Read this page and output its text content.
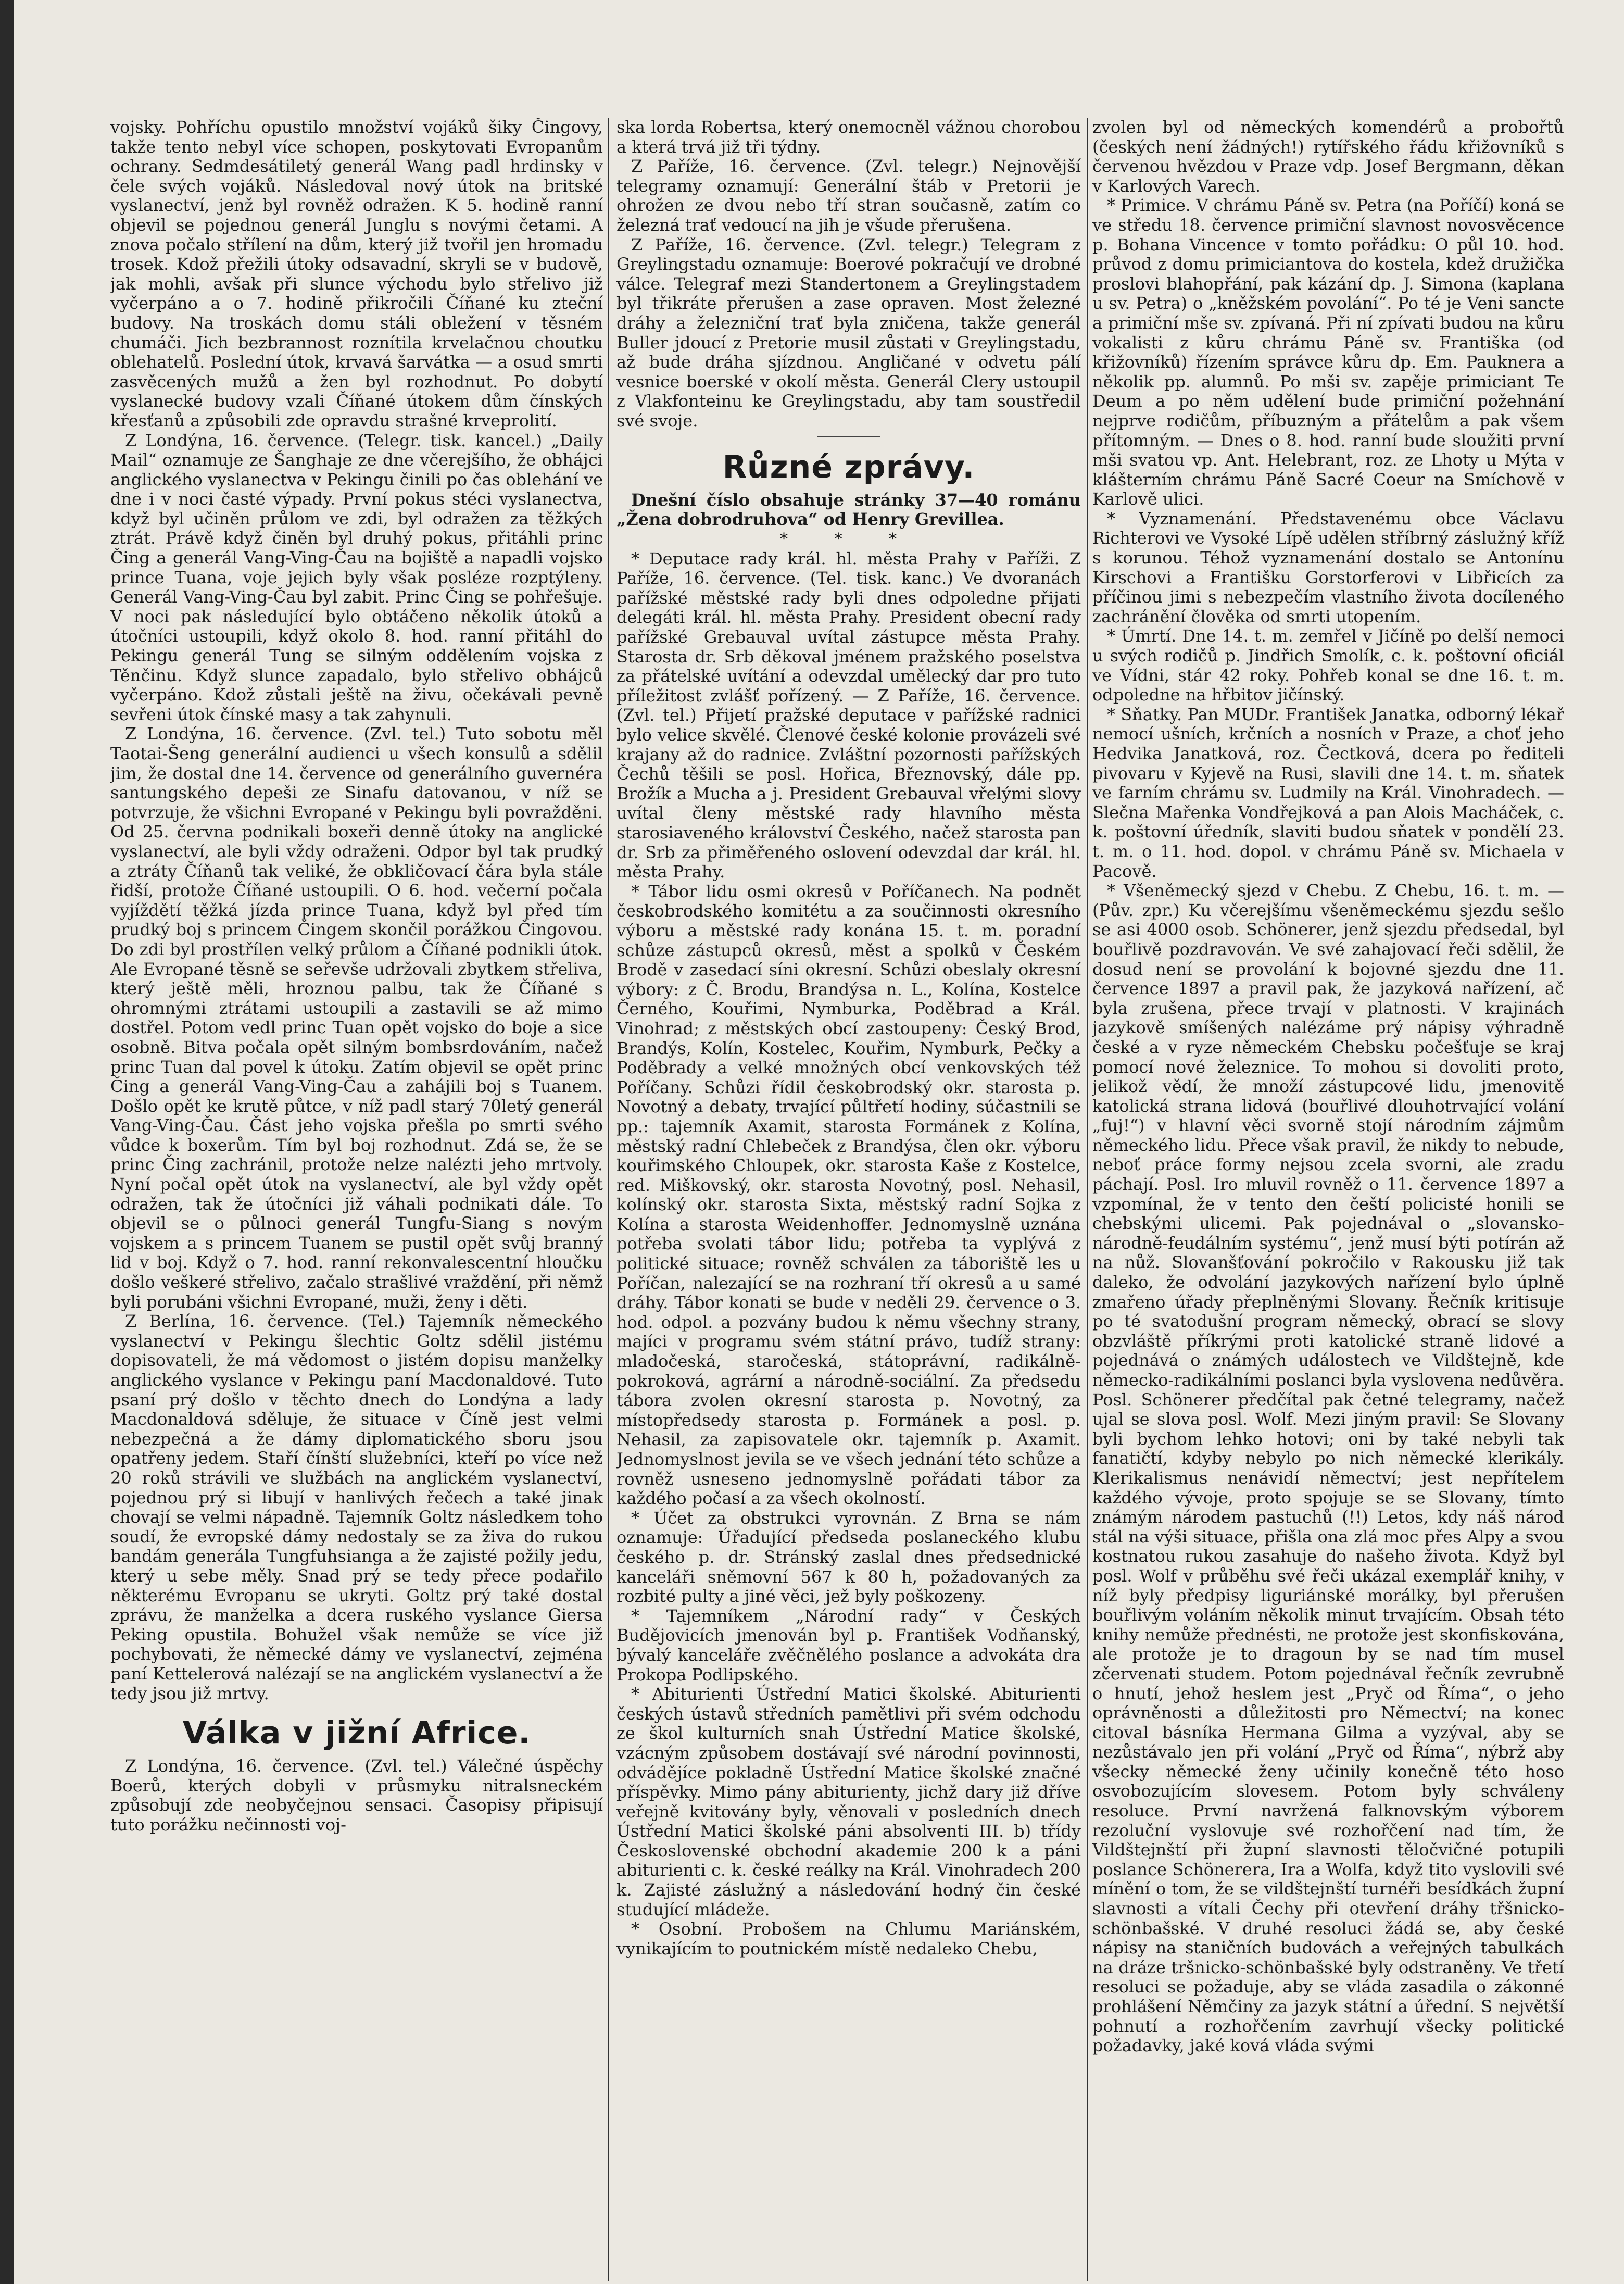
vojsky. Pohříchu opustilo množství vojáků šiky Čingovy, takže tento nebyl více schopen, poskytovati Evropanům ochrany. Sedmdesátiletý generál Wang padl hrdinsky v čele svých vojáků. Následoval nový útok na britské vyslanectví, jenž byl rovněž odražen. K 5. hodině ranní objevil se pojednou generál Junglu s novými četami. A znova počalo střílení na dům, který již tvořil jen hromadu trosek. Kdož přežili útoky odsavadní, skryli se v budově, jak mohli, avšak při slunce východu bylo střelivo již vyčerpáno a o 7. hodině přikročili Číňané ku zteční budovy. Na troskách domu stáli obležení v těsném chumáči. Jich bezbrannost roznítila krvelačnou choutku oblehatelů. Poslední útok, krvavá šarvátka — a osud smrti zasvěcených mužů a žen byl rozhodnut. Po dobytí vyslanecké budovy vzali Číňané útokem dům čínských křesťanů a způsobili zde opravdu strašné krveprolití.

Z Londýna, 16. července. (Telegr. tisk. kancel.) „Daily Mail“ oznamuje ze Šanghaje ze dne včerejšího, že obhájci anglického vyslanectva v Pekingu činili po čas oblehání ve dne i v noci časté výpady. První pokus stéci vyslanectva, když byl učiněn průlom ve zdi, byl odražen za těžkých ztrát. Právě když činěn byl druhý pokus, přitáhli princ Čing a generál Vang-Ving-Čau na bojiště a napadli vojsko prince Tuana, voje jejich byly však posléze rozptýleny. Generál Vang-Ving-Čau byl zabit. Princ Čing se pohřešuje. V noci pak následující bylo obtáčeno několik útoků a útočníci ustoupili, když okolo 8. hod. ranní přitáhl do Pekingu generál Tung se silným oddělením vojska z Těnčinu. Když slunce zapadalo, bylo střelivo obhájců vyčerpáno. Kdož zůstali ještě na živu, očekávali pevně sevřeni útok čínské masy a tak zahynuli.

Z Londýna, 16. července. (Zvl. tel.) Tuto sobotu měl Taotai-Šeng generální audienci u všech konsulů a sdělil jim, že dostal dne 14. července od generálního guvernéra santungského depeši ze Sinafu datovanou, v níž se potvrzuje, že všichni Evropané v Pekingu byli povražděni. Od 25. června podnikali boxeři denně útoky na anglické vyslanectví, ale byli vždy odraženi. Odpor byl tak prudký a ztráty Číňanů tak veliké, že obkličovací čára byla stále řidší, protože Číňané ustoupili. O 6. hod. večerní počala vyjíždětí těžká jízda prince Tuana, když byl před tím prudký boj s princem Čingem skončil porážkou Čingovou. Do zdi byl prostřílen velký průlom a Číňané podnikli útok. Ale Evropané těsně se seřevše udržovali zbytkem střeliva, který ještě měli, hroznou palbu, tak že Číňané s ohromnými ztrátami ustoupili a zastavili se až mimo dostřel. Potom vedl princ Tuan opět vojsko do boje a sice osobně. Bitva počala opět silným bombsrdováním, načež princ Tuan dal povel k útoku. Zatím objevil se opět princ Čing a generál Vang-Ving-Čau a zahájili boj s Tuanem. Došlo opět ke krutě půtce, v níž padl starý 70letý generál Vang-Ving-Čau. Část jeho vojska přešla po smrti svého vůdce k boxerům. Tím byl boj rozhodnut. Zdá se, že se princ Čing zachránil, protože nelze nalézti jeho mrtvoly. Nyní počal opět útok na vyslanectví, ale byl vždy opět odražen, tak že útočníci již váhali podnikati dále. To objevil se o půlnoci generál Tungfu-Siang s novým vojskem a s princem Tuanem se pustil opět svůj branný lid v boj. Když o 7. hod. ranní rekonvalescentní hloučku došlo veškeré střelivo, začalo strašlivé vraždění, při němž byli porubáni všichni Evropané, muži, ženy i děti.

Z Berlína, 16. července. (Tel.) Tajemník německého vyslanectví v Pekingu šlechtic Goltz sdělil jistému dopisovateli, že má vědomost o jistém dopisu manželky anglického vyslance v Pekingu paní Macdonaldové. Tuto psaní prý došlo v těchto dnech do Londýna a lady Macdonaldová sděluje, že situace v Číně jest velmi nebezpečná a že dámy diplomatického sboru jsou opatřeny jedem. Staří čínští služebníci, kteří po více než 20 roků strávili ve službách na anglickém vyslanectví, pojednou prý si libují v hanlivých řečech a také jinak chovají se velmi nápadně. Tajemník Goltz následkem toho soudí, že evropské dámy nedostaly se za živa do rukou bandám generála Tungfuhsianga a že zajisté požily jedu, který u sebe měly. Snad prý se tedy přece podařilo některému Evropanu se ukryti. Goltz prý také dostal zprávu, že manželka a dcera ruského vyslance Giersa Peking opustila. Bohužel však nemůže se více již pochybovati, že německé dámy ve vyslanectví, zejména paní Kettelerová nalézají se na anglickém vyslanectví a že tedy jsou již mrtvy.

Válka v jižní Africe.

Z Londýna, 16. července. (Zvl. tel.) Válečné úspěchy Boerů, kterých dobyli v průsmyku nitralsneckém způsobují zde neobyčejnou sensaci. Časopisy připisují tuto porážku nečinnosti voj-

ska lorda Robertsa, který onemocněl vážnou chorobou a která trvá již tři týdny.

Z Paříže, 16. července. (Zvl. telegr.) Nejnovější telegramy oznamují: Generální štáb v Pretorii je ohrožen ze dvou nebo tří stran současně, zatím co železná trať vedoucí na jih je všude přerušena.

Z Paříže, 16. července. (Zvl. telegr.) Telegram z Greylingstadu oznamuje: Boerové pokračují ve drobné válce. Telegraf mezi Standertonem a Greylingstadem byl třikráte přerušen a zase opraven. Most železné dráhy a železniční trať byla zničena, takže generál Buller jdoucí z Pretorie musil zůstati v Greylingstadu, až bude dráha sjízdnou. Angličané v odvetu pálí vesnice boerské v okolí města. Generál Clery ustoupil z Vlakfonteinu ke Greylingstadu, aby tam soustředil své svoje.

Různé zprávy.

Dnešní číslo obsahuje stránky 37—40 románu „Žena dobrodruhova“ od Henry Grevillea.

* * *

* Deputace rady král. hl. města Prahy v Paříži. Z Paříže, 16. července. (Tel. tisk. kanc.) Ve dvoranách pařížské městské rady byli dnes odpoledne přijati delegáti král. hl. města Prahy. President obecní rady pařížské Grebauval uvítal zástupce města Prahy. Starosta dr. Srb děkoval jménem pražského poselstva za přátelské uvítání a odevzdal umělecký dar pro tuto příležitost zvlášť pořízený. — Z Paříže, 16. července. (Zvl. tel.) Přijetí pražské deputace v pařížské radnici bylo velice skvělé. Členové české kolonie provázeli své krajany až do radnice. Zvláštní pozornosti pařížských Čechů těšili se posl. Hořica, Březnovský, dále pp. Brožík a Mucha a j. President Grebauval vřelými slovy uvítal členy městské rady hlavního města starosiaveného království Českého, načež starosta pan dr. Srb za přiměřeného oslovení odevzdal dar král. hl. města Prahy.

* Tábor lidu osmi okresů v Poříčanech. Na podnět českobrodského komitétu a za součinnosti okresního výboru a městské rady konána 15. t. m. poradní schůze zástupců okresů, měst a spolků v Českém Brodě v zasedací síni okresní. Schůzi obeslaly okresní výbory: z Č. Brodu, Brandýsa n. L., Kolína, Kostelce Černého, Kouřimi, Nymburka, Poděbrad a Král. Vinohrad; z městských obcí zastoupeny: Český Brod, Brandýs, Kolín, Kostelec, Kouřim, Nymburk, Pečky a Poděbrady a velké množných obcí venkovských též Poříčany. Schůzi řídil českobrodský okr. starosta p. Novotný a debaty, trvající půltřetí hodiny, súčastnili se pp.: tajemník Axamit, starosta Formánek z Kolína, městský radní Chlebeček z Brandýsa, člen okr. výboru kouřimského Chloupek, okr. starosta Kaše z Kostelce, red. Miškovský, okr. starosta Novotný, posl. Nehasil, kolínský okr. starosta Sixta, městský radní Sojka z Kolína a starosta Weidenhoffer. Jednomyslně uznána potřeba svolati tábor lidu; potřeba ta vyplývá z politické situace; rovněž schválen za táboriště les u Poříčan, nalezající se na rozhraní tří okresů a u samé dráhy. Tábor konati se bude v neděli 29. července o 3. hod. odpol. a pozvány budou k němu všechny strany, majíci v programu svém státní právo, tudíž strany: mladočeská, staročeská, státoprávní, radikálně-pokroková, agrární a národně-sociální. Za předsedu tábora zvolen okresní starosta p. Novotný, za místopředsedy starosta p. Formánek a posl. p. Nehasil, za zapisovatele okr. tajemník p. Axamit. Jednomyslnost jevila se ve všech jednání této schůze a rovněž usneseno jednomyslně pořádati tábor za každého počasí a za všech okolností.

* Účet za obstrukci vyrovnán. Z Brna se nám oznamuje: Úřadující předseda poslaneckého klubu českého p. dr. Stránský zaslal dnes předsednické kanceláři sněmovní 567 k 80 h, požadovaných za rozbité pulty a jiné věci, jež byly poškozeny.

* Tajemníkem „Národní rady“ v Českých Budějovicích jmenován byl p. František Vodňanský, bývalý kanceláře zvěčnělého poslance a advokáta dra Prokopa Podlipského.

* Abiturienti Ústřední Matici školské. Abiturienti českých ústavů středních pamětlivi při svém odchodu ze škol kulturních snah Ústřední Matice školské, vzácným způsobem dostávají své národní povinnosti, odvádějíce pokladně Ústřední Matice školské značné příspěvky. Mimo pány abiturienty, jichž dary již dříve veřejně kvitovány byly, věnovali v posledních dnech Ústřední Matici školské páni absolventi III. b) třídy Československé obchodní akademie 200 k a páni abiturienti c. k. české reálky na Král. Vinohradech 200 k. Zajisté záslužný a následování hodný čin české studující mládeže.

* Osobní. Probošem na Chlumu Mariánském, vynikajícím to poutnickém místě nedaleko Chebu,

zvolen byl od německých komendérů a probořtů (českých není žádných!) rytířského řádu křižovníků s červenou hvězdou v Praze vdp. Josef Bergmann, děkan v Karlových Varech.

* Primice. V chrámu Páně sv. Petra (na Poříčí) koná se ve středu 18. července primiční slavnost novosvěcence p. Bohana Vincence v tomto pořádku: O půl 10. hod. průvod z domu primiciantova do kostela, kdež družička proslovi blahopřání, pak kázání dp. J. Simona (kaplana u sv. Petra) o „kněžském povolání“. Po té je Veni sancte a primiční mše sv. zpívaná. Při ní zpívati budou na kůru vokalisti z kůru chrámu Páně sv. Františka (od křižovníků) řízením správce kůru dp. Em. Pauknera a několik pp. alumnů. Po mši sv. zapěje primiciant Te Deum a po něm udělení bude primiční požehnání nejprve rodičům, příbuzným a přátelům a pak všem přítomným. — Dnes o 8. hod. ranní bude sloužiti první mši svatou vp. Ant. Helebrant, roz. ze Lhoty u Mýta v klášterním chrámu Páně Sacré Coeur na Smíchově v Karlově ulici.

* Vyznamenání. Představenému obce Václavu Richterovi ve Vysoké Lípě udělen stříbrný záslužný kříž s korunou. Téhož vyznamenání dostalo se Antonínu Kirschovi a Františku Gorstorferovi v Libřicích za příčinou jimi s nebezpečím vlastního života docíleného zachránění člověka od smrti utopením.

* Úmrtí. Dne 14. t. m. zemřel v Jičíně po delší nemoci u svých rodičů p. Jindřich Smolík, c. k. poštovní oficiál ve Vídni, stár 42 roky. Pohřeb konal se dne 16. t. m. odpoledne na hřbitov jičínský.

* Sňatky. Pan MUDr. František Janatka, odborný lékař nemocí ušních, krčních a nosních v Praze, a choť jeho Hedvika Janatková, roz. Čectková, dcera po řediteli pivovaru v Kyjevě na Rusi, slavili dne 14. t. m. sňatek ve farním chrámu sv. Ludmily na Král. Vinohradech. — Slečna Mařenka Vondřejková a pan Alois Macháček, c. k. poštovní úředník, slaviti budou sňatek v pondělí 23. t. m. o 11. hod. dopol. v chrámu Páně sv. Michaela v Pacově.

* Všeněmecký sjezd v Chebu. Z Chebu, 16. t. m. — (Pův. zpr.) Ku včerejšímu všeněmeckému sjezdu sešlo se asi 4000 osob. Schönerer, jenž sjezdu předsedal, byl bouřlivě pozdravován. Ve své zahajovací řeči sdělil, že dosud není se provolání k bojovné sjezdu dne 11. července 1897 a pravil pak, že jazyková nařízení, ač byla zrušena, přece trvají v platnosti. V krajinách jazykově smíšených nalézáme prý nápisy výhradně české a v ryze německém Chebsku počešťuje se kraj pomocí nové železnice. To mohou si dovoliti proto, jelikož vědí, že množí zástupcové lidu, jmenovitě katolická strana lidová (bouřlivé dlouhotrvající volání „fuj!“) v hlavní věci svorně stojí národním zájmům německého lidu. Přece však pravil, že nikdy to nebude, neboť práce formy nejsou zcela svorni, ale zradu páchají. Posl. Iro mluvil rovněž o 11. července 1897 a vzpomínal, že v tento den čeští policisté honili se chebskými ulicemi. Pak pojednával o „slovansko-národně-feudálním systému“, jenž musí býti potírán až na nůž. Slovanšťování pokročilo v Rakousku již tak daleko, že odvolání jazykových nařízení bylo úplně zmařeno úřady přeplněnými Slovany. Řečník kritisuje po té svatodušní program německý, obrací se slovy obzvláště příkrými proti katolické straně lidové a pojednává o známých událostech ve Vildštejně, kde německo-radikálními poslanci byla vyslovena nedůvěra. Posl. Schönerer předčítal pak četné telegramy, načež ujal se slova posl. Wolf. Mezi jiným pravil: Se Slovany byli bychom lehko hotovi; oni by také nebyli tak fanatičtí, kdyby nebylo po nich německé klerikály. Klerikalismus nenávidí němectví; jest nepřítelem každého vývoje, proto spojuje se se Slovany, tímto známým národem pastuchů (!!) Letos, kdy náš národ stál na výši situace, přišla ona zlá moc přes Alpy a svou kostnatou rukou zasahuje do našeho života. Když byl posl. Wolf v průběhu své řeči ukázal exemplář knihy, v níž byly předpisy liguriánské morálky, byl přerušen bouřlivým voláním několik minut trvajícím. Obsah této knihy nemůže přednésti, ne protože jest skonfiskována, ale protože je to dragoun by se nad tím musel zčervenati studem. Potom pojednával řečník zevrubně o hnutí, jehož heslem jest „Pryč od Říma“, o jeho oprávněnosti a důležitosti pro Němectví; na konec citoval básníka Hermana Gilma a vyzýval, aby se nezůstávalo jen při volání „Pryč od Říma“, nýbrž aby všecky německé ženy učinily konečně této hoso osvobozujícím slovesem. Potom byly schváleny resoluce. První navržená falknovským výborem rezoluční vyslovuje své rozhořčení nad tím, že Vildštejnští při župní slavnosti těločvičné potupili poslance Schönerera, Ira a Wolfa, když tito vyslovili své mínění o tom, že se vildštejnští turnéři besídkách župní slavnosti a vítali Čechy při otevření dráhy třšnicko-schönbašské. V druhé resoluci žádá se, aby české nápisy na staničních budovách a veřejných tabulkách na dráze tršnicko-schönbašské byly odstraněny. Ve třetí resoluci se požaduje, aby se vláda zasadila o zákonné prohlášení Němčiny za jazyk státní a úřední. S největší pohnutí a rozhořčením zavrhují všecky politické požadavky, jaké ková vláda svými
